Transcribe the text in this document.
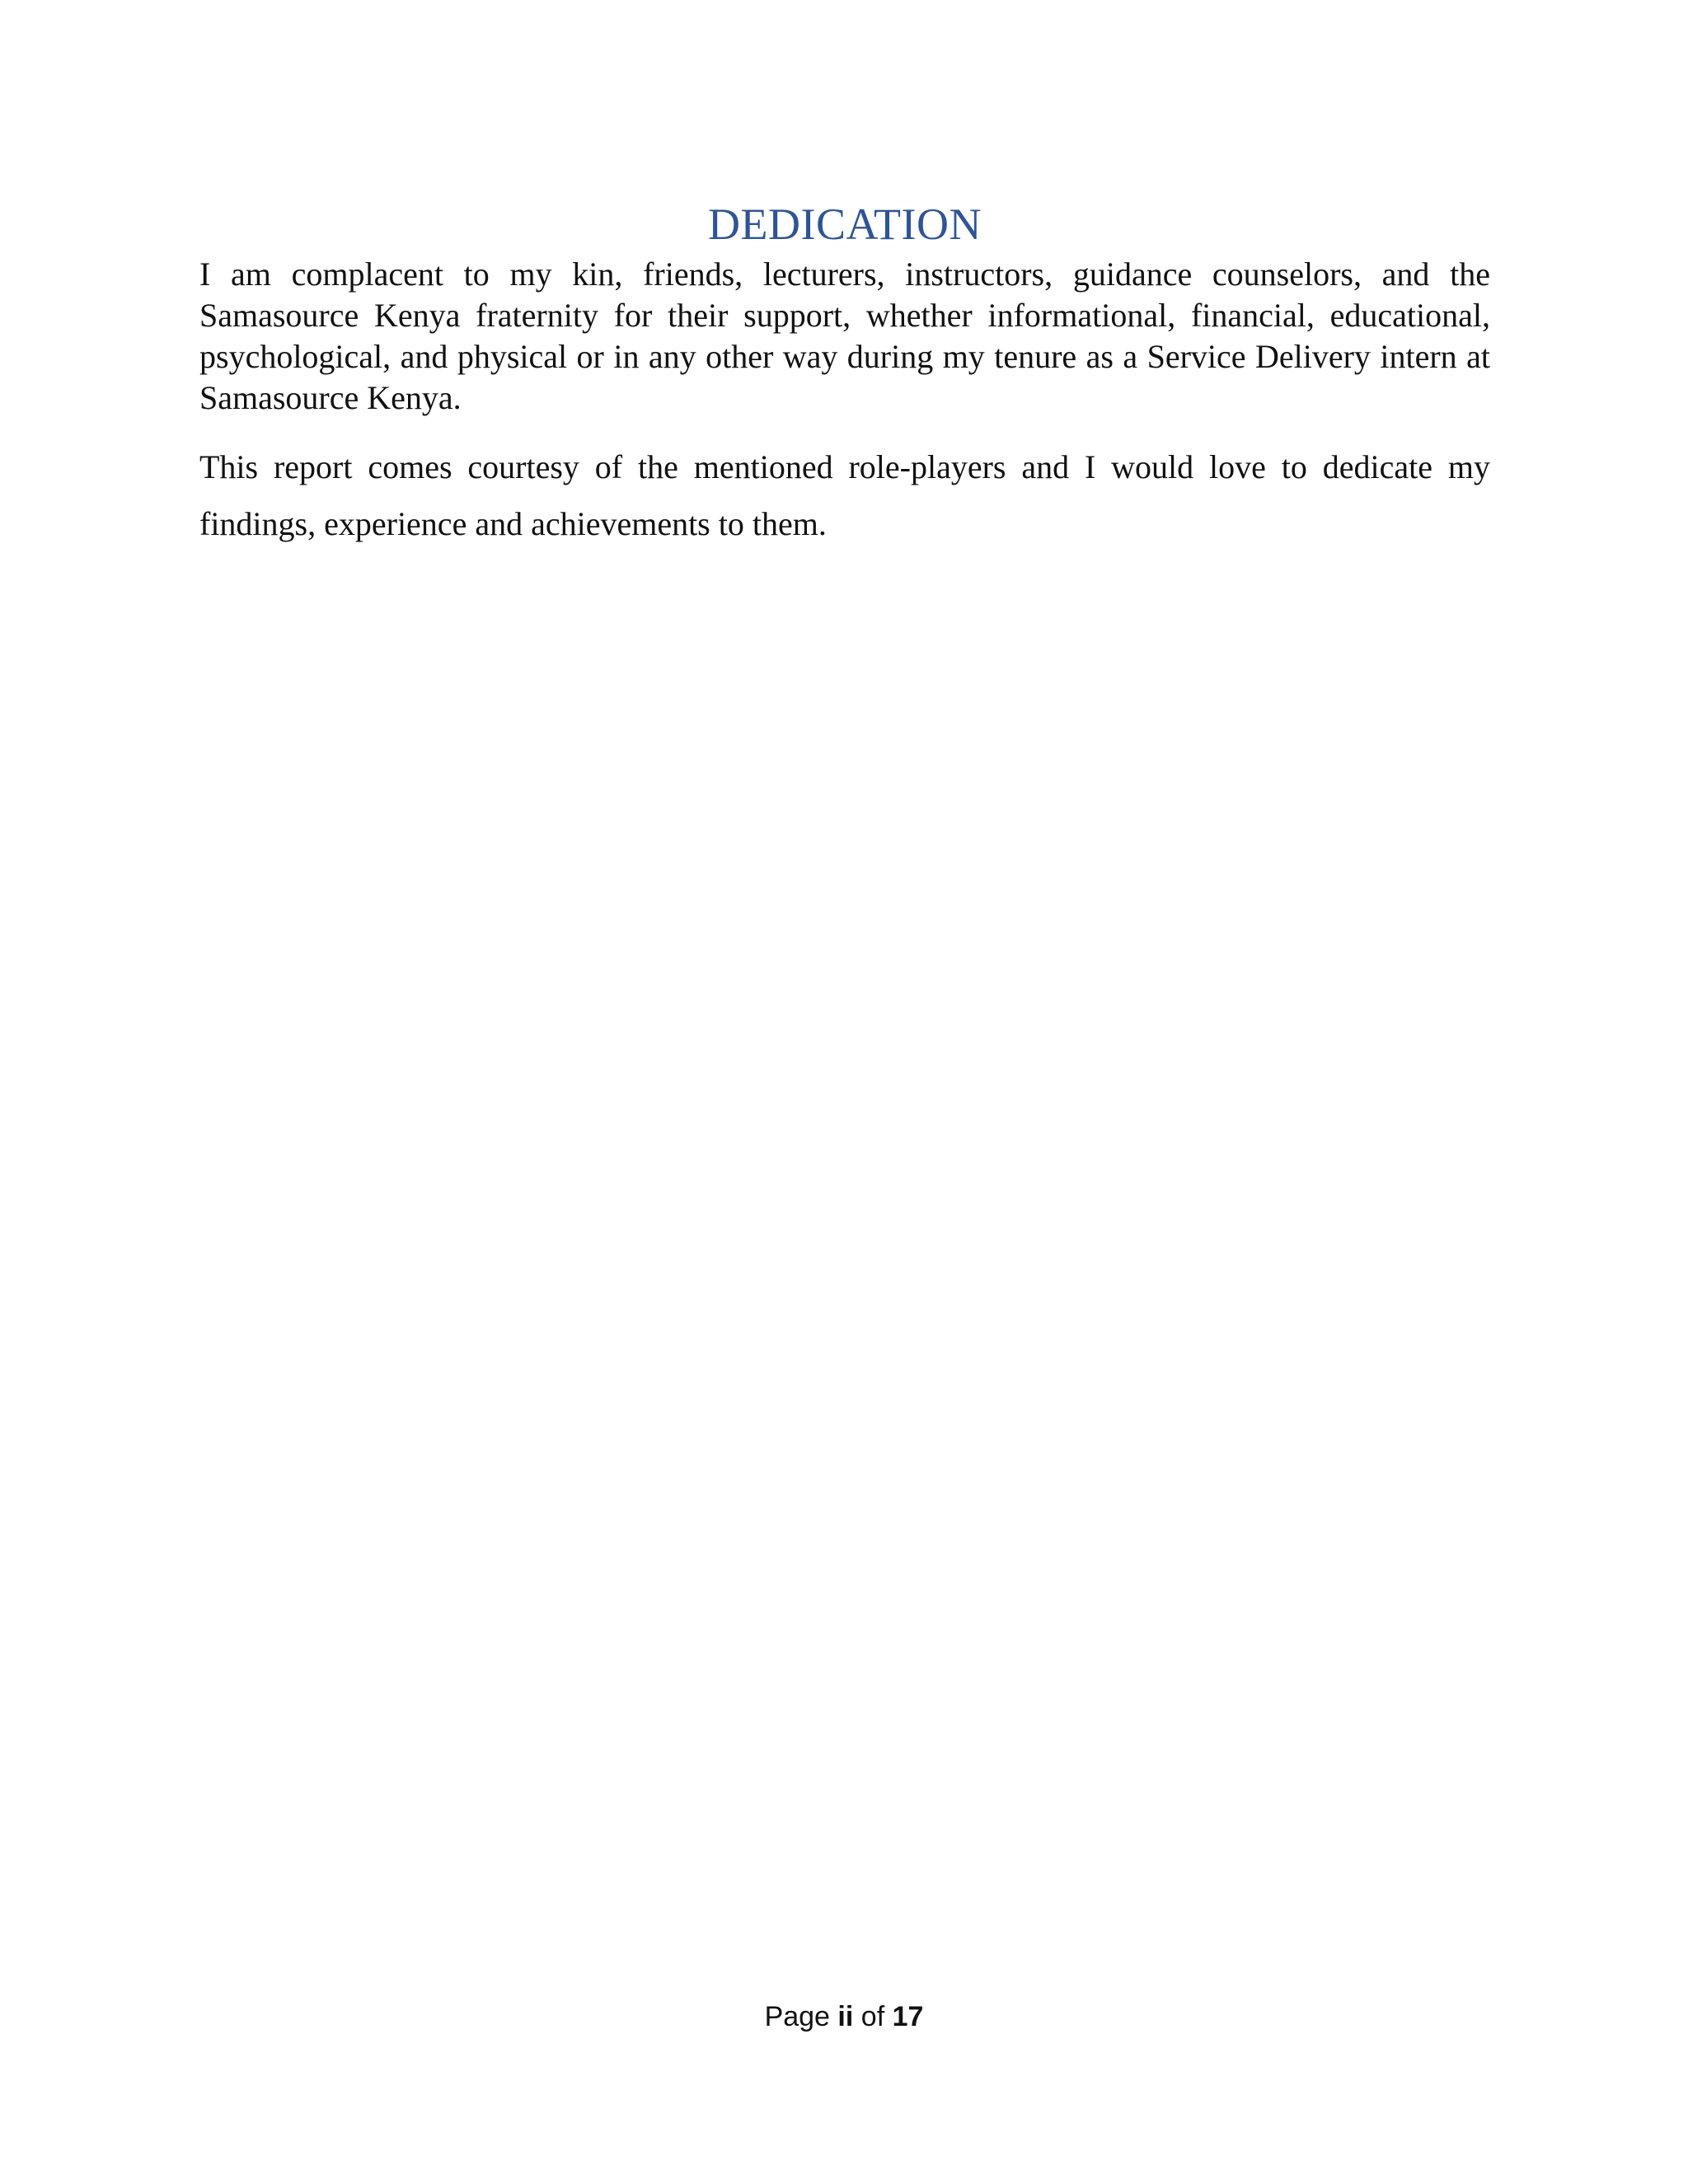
DEDICATION

I am complacent to my kin, friends, lecturers, instructors, guidance counselors, and the Samasource Kenya fraternity for their support, whether informational, financial, educational, psychological, and physical or in any other way during my tenure as a Service Delivery intern at Samasource Kenya.

This report comes courtesy of the mentioned role-players and I would love to dedicate my findings, experience and achievements to them.

Page ii of 17
